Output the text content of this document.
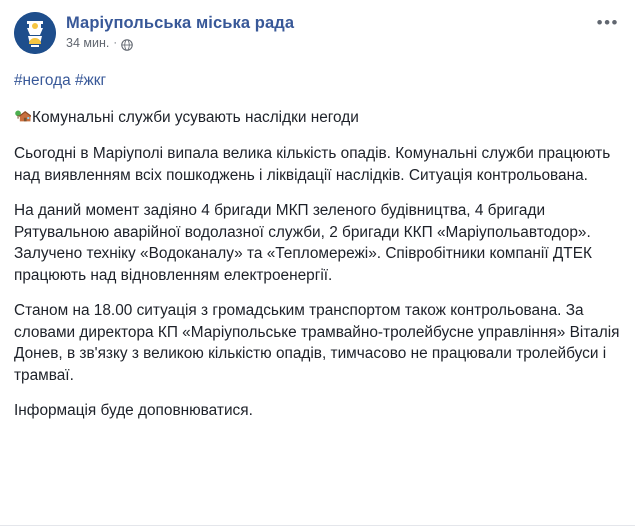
Маріупольська міська рада
34 мин. ·
•••
#негода #жкг
Комунальні служби усувають наслідки негоди
Сьогодні в Маріуполі випала велика кількість опадів. Комунальні служби працюють над виявленням всіх пошкоджень і ліквідації наслідків. Ситуація контрольована.
На даний момент задіяно 4 бригади МКП зеленого будівництва, 4 бригади Рятувальною аварійної водолазної служби, 2 бригади ККП «Маріупольавтодор». Залучено техніку «Водоканалу» та «Тепломережі». Співробітники компанії ДТЕК працюють над відновленням електроенергії.
Станом на 18.00 ситуація з громадським транспортом також контрольована. За словами директора КП «Маріупольське трамвайно-тролейбусне управління» Віталія Донев, в зв'язку з великою кількістю опадів, тимчасово не працювали тролейбуси і трамваї.
Інформація буде доповнюватися.
